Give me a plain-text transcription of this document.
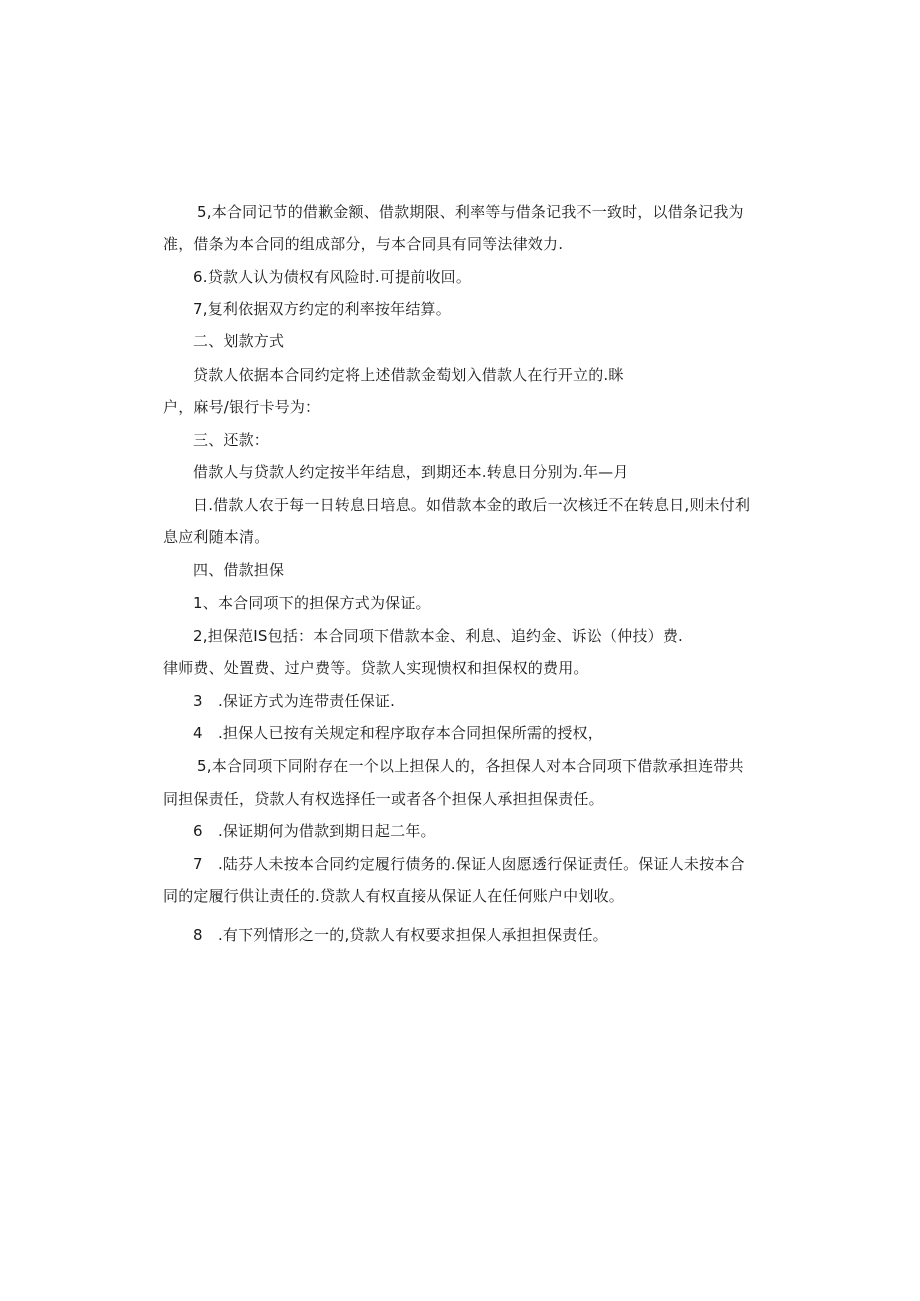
5,本合同记节的借歉金额、借款期限、利率等与借条记我不一致时，以借条记我为
准，借条为本合同的组成部分，与本合同具有同等法律效力.
6.贷款人认为债权有风险时.可提前收回。
7,复利依据双方约定的利率按年结算。
二、划款方式
贷款人依据本合同约定将上述借款金萄划入借款人在行开立的.眯
户，麻号/银行卡号为：
三、还款：
借款人与贷款人约定按半年结息，到期还本.转息日分别为.年—月
日.借款人农于每一日转息日培息。如借款本金的敢后一次核迁不在转息日,则未付利
息应利随本清。
四、借款担保
1、本合同项下的担保方式为保证。
2,担保范IS包括：本合同项下借款本金、利息、追约金、诉讼（仲技）费.
律师费、处置费、过户费等。贷款人实现愦权和担保权的费用。
3　.保证方式为连带责任保证.
4　.担保人已按有关规定和程序取存本合同担保所需的授权，
5,本合同项下同附存在一个以上担保人的，各担保人对本合同项下借款承担连带共
同担保责任，贷款人有权选择任一或者各个担保人承担担保责任。
6　.保证期何为借款到期日起二年。
7　.陆芬人未按本合同约定履行债务的.保证人囱愿透行保证责任。保证人未按本合
同的定履行供让责任的.贷款人有权直接从保证人在任何账户中划收。
8　.有下列情形之一的,贷款人有权要求担保人承担担保责任。
